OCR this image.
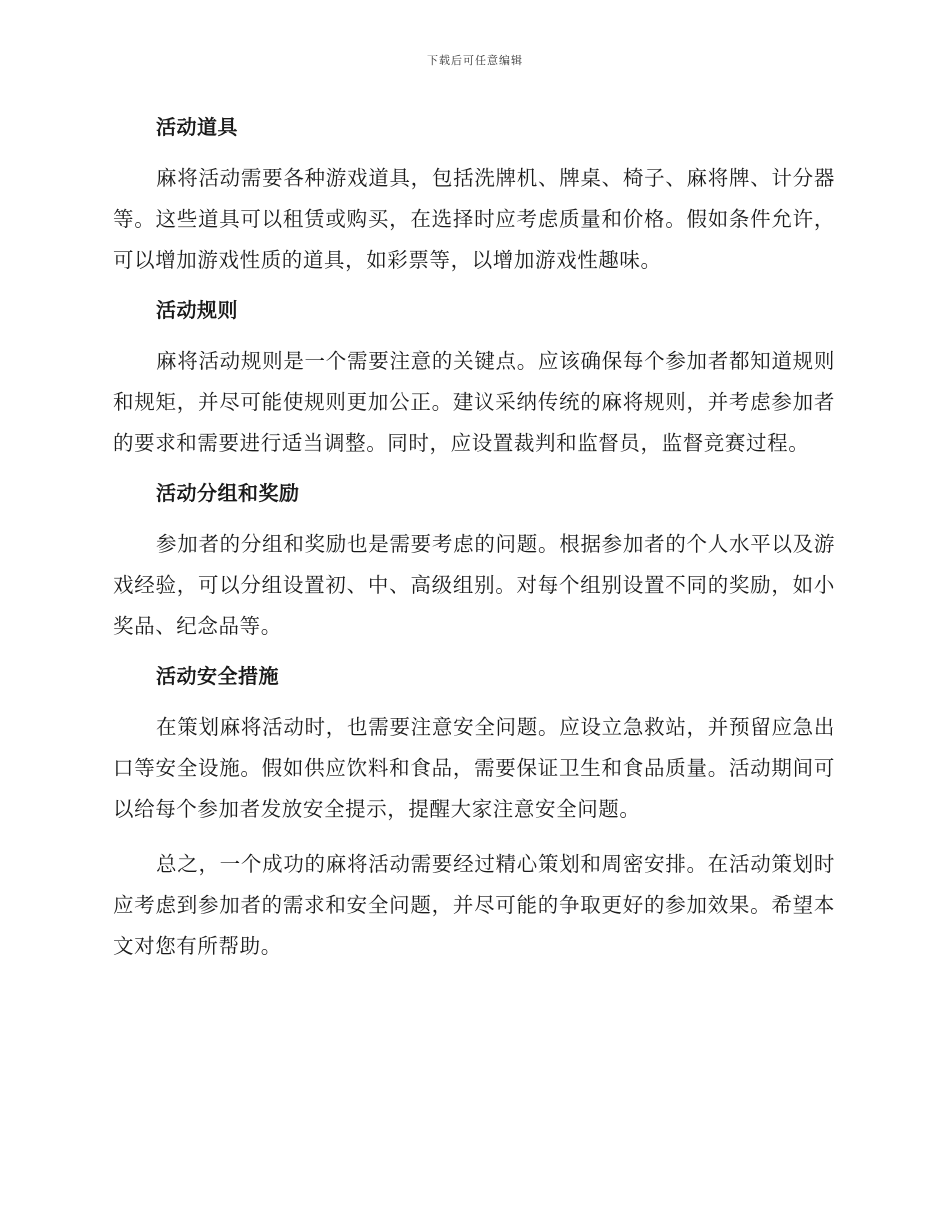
下载后可任意编辑
活动道具

麻将活动需要各种游戏道具，包括洗牌机、牌桌、椅子、麻将牌、计分器等。这些道具可以租赁或购买，在选择时应考虑质量和价格。假如条件允许，可以增加游戏性质的道具，如彩票等，以增加游戏性趣味。

活动规则

麻将活动规则是一个需要注意的关键点。应该确保每个参加者都知道规则和规矩，并尽可能使规则更加公正。建议采纳传统的麻将规则，并考虑参加者的要求和需要进行适当调整。同时，应设置裁判和监督员，监督竞赛过程。

活动分组和奖励

参加者的分组和奖励也是需要考虑的问题。根据参加者的个人水平以及游戏经验，可以分组设置初、中、高级组别。对每个组别设置不同的奖励，如小奖品、纪念品等。

活动安全措施

在策划麻将活动时，也需要注意安全问题。应设立急救站，并预留应急出口等安全设施。假如供应饮料和食品，需要保证卫生和食品质量。活动期间可以给每个参加者发放安全提示，提醒大家注意安全问题。

总之，一个成功的麻将活动需要经过精心策划和周密安排。在活动策划时应考虑到参加者的需求和安全问题，并尽可能的争取更好的参加效果。希望本文对您有所帮助。
